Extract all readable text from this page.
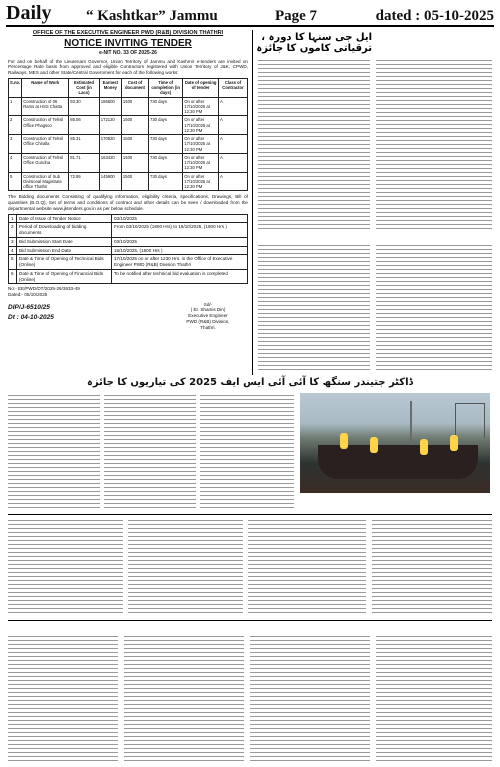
Daily	“ Kashtkar” Jammu	Page 7	dated : 05-10-2025
OFFICE OF THE EXECUTIVE ENGINEER PWD (R&B) DIVISION THATHRI
NOTICE INVITING TENDER
e-NIT NO. 33 OF 2025-26

For and on behalf of the Lieutenant Governor, Union Territory of Jammu and Kashmir e-tenders are invited on Percentage Rate basis from approved and eligible Contractors registered with Union Territory of J&K, CPWD, Railways, MES and other State/Central Government for each of the following works:

S.no.	Name of Work	Estimated Cost (in Lacs)	Earnest Money	Cost of document	Time of completion (in days)	Date of opening of tender	Class of Contractor
1	Construction of 06 Rams at HSS Chatta	93.30	186600	1500	730 days	On or after 17/10/2025 at 12:30 PM	A
2	Construction of Tehsil Office Phagsoo	86.06	172120	1500	730 days	On or after 17/10/2025 at 12:30 PM	A
3	Construction of Tehsil Office Chiralla	85.31	170620	1500	730 days	On or after 17/10/2025 at 12:30 PM	A
4	Construction of Tehsil Office Gundna	81.71	163420	1500	730 days	On or after 17/10/2025 at 12:30 PM	A
5	Construction of Sub Divisional Magistrate office Thathri	72.95	145900	1500	730 days	On or after 17/10/2025 at 12:30 PM	A

The Bidding documents Consisting of qualifying information, eligibility criteria, specifications, Drawings, Bill of quantities (B.O.Q), Set of terms and conditions of contract and other details can be seen / downloaded from the departmental website www.jktenders.gov.in as per below schedule.

1	Date of Issue of Tender Notice	03/10/2025
2	Period of Downloading of bidding documents	From 03/10/2025 (1800 Hrs) to 16/10/2025, (1600 Hrs )
3	Bid Submission Start Date	03/10/2025
4	Bid Submission End Date	16/10/2025, (1600 Hrs )
5	Date & Time of Opening of Technical Bids (Online)	17/10/2025 on or after 1230 Hrs. in the Office of Executive Engineer PWD (R&B) Division Thathri
6	Date & Time of Opening of Financial Bids (Online)	To be notified after technical bid evaluation is completed
No:- EE/PWD/DT/2025-26/3633-49
Dated:- 05/10/2025
DIP/J-6510/25
Dt : 04-10-2025
Sd/-
( Er. Shamis Din)
Executive Engineer
PWD (R&B) Division,
Thathri.
ایل جی سنہا کا دورہ ، ترقیاتی کاموں کا جائزہ
ڈاکٹر جتیندر سنگھ کا آئی آئی ایس ایف 2025 کی تیاریوں کا جائزہ
